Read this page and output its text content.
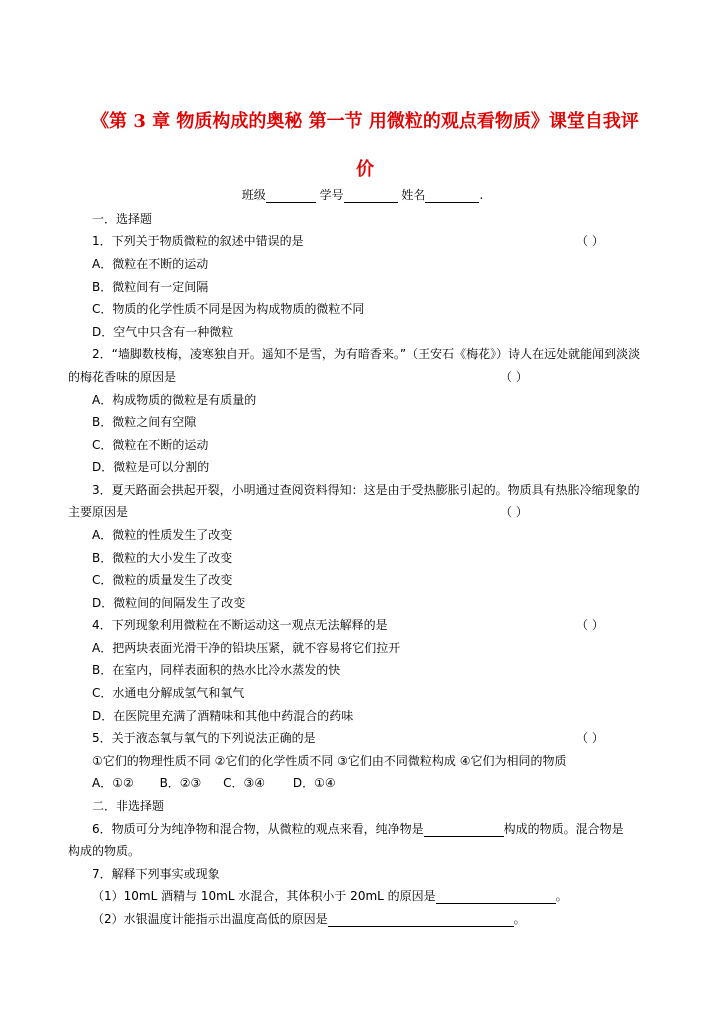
《第 3 章 物质构成的奥秘 第一节 用微粒的观点看物质》课堂自我评
价
班级	学号	姓名	.
一．选择题
1．下列关于物质微粒的叙述中错误的是	（ ）
A．微粒在不断的运动
B．微粒间有一定间隔
C．物质的化学性质不同是因为构成物质的微粒不同
D．空气中只含有一种微粒
2．“墙脚数枝梅，凌寒独自开。遥知不是雪，为有暗香来。”（王安石《梅花》）诗人在远处就能闻到淡淡
的梅花香味的原因是	（ ）
A．构成物质的微粒是有质量的
B．微粒之间有空隙
C．微粒在不断的运动
D．微粒是可以分割的
3．夏天路面会拱起开裂，小明通过查阅资料得知：这是由于受热膨胀引起的。物质具有热胀冷缩现象的
主要原因是	（ ）
A．微粒的性质发生了改变
B．微粒的大小发生了改变
C．微粒的质量发生了改变
D．微粒间的间隔发生了改变
4．下列现象利用微粒在不断运动这一观点无法解释的是	（ ）
A．把两块表面光滑干净的铅块压紧，就不容易将它们拉开
B．在室内，同样表面积的热水比冷水蒸发的快
C．水通电分解成氢气和氧气
D．在医院里充满了酒精味和其他中药混合的药味
5．关于液态氧与氧气的下列说法正确的是	（ ）
①它们的物理性质不同 ②它们的化学性质不同 ③它们由不同微粒构成 ④它们为相同的物质
A．①② B．②③ C．③④ D．①④
二．非选择题
6．物质可分为纯净物和混合物，从微粒的观点来看，纯净物是	构成的物质。混合物是
构成的物质。
7．解释下列事实或现象
（1）10mL 酒精与 10mL 水混合，其体积小于 20mL 的原因是	。
（2）水银温度计能指示出温度高低的原因是	。
